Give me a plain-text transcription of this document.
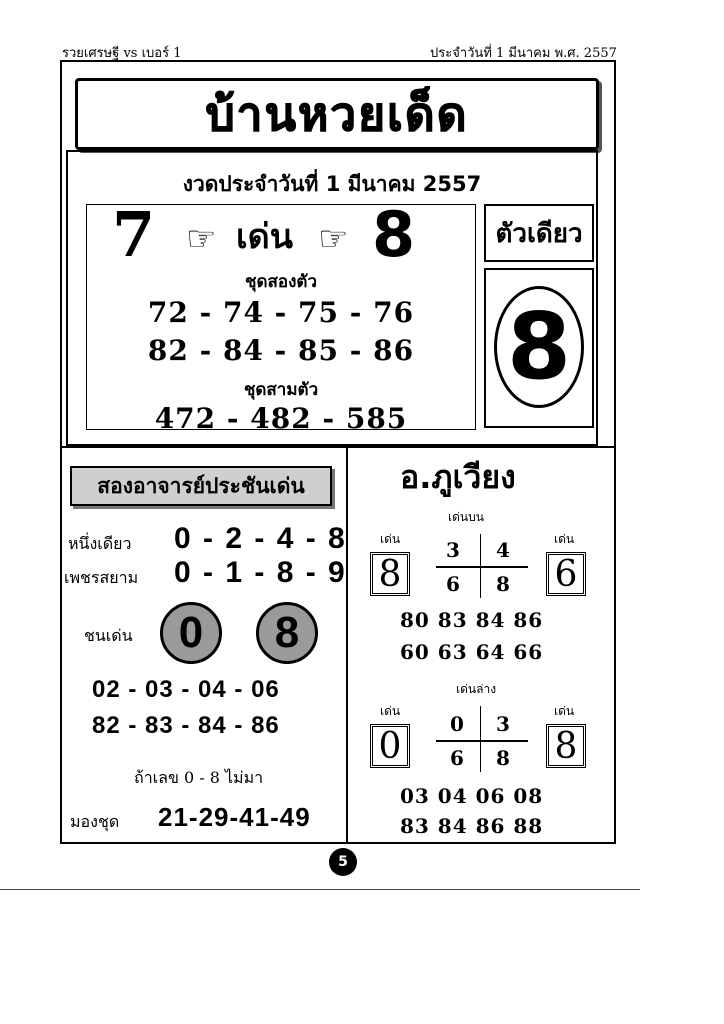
รวยเศรษฐี vs เบอร์ 1	ประจำวันที่ 1 มีนาคม พ.ศ. 2557
บ้านหวยเด็ด
งวดประจำวันที่ 1 มีนาคม 2557
7 ☞ เด่น ☞ 8
ชุดสองตัว
72 - 74 - 75 - 76
82 - 84 - 85 - 86
ชุดสามตัว
472 - 482 - 585
ตัวเดียว
8
สองอาจารย์ประชันเด่น
หนึ่งเดียว 0 - 2 - 4 - 8
เพชรสยาม 0 - 1 - 8 - 9
ชนเด่น	0	8
02 - 03 - 04 - 06
82 - 83 - 84 - 86
ถ้าเลข 0 - 8 ไม่มา
มองชุด 21-29-41-49
อ.ภูเวียง
เด่นบน
เด่น	เด่น
8	6
3 4
6 8
80 83 84 86
60 63 64 66
เด่นล่าง
เด่น	เด่น
0	8
0 3
6 8
03 04 06 08
83 84 86 88
5
